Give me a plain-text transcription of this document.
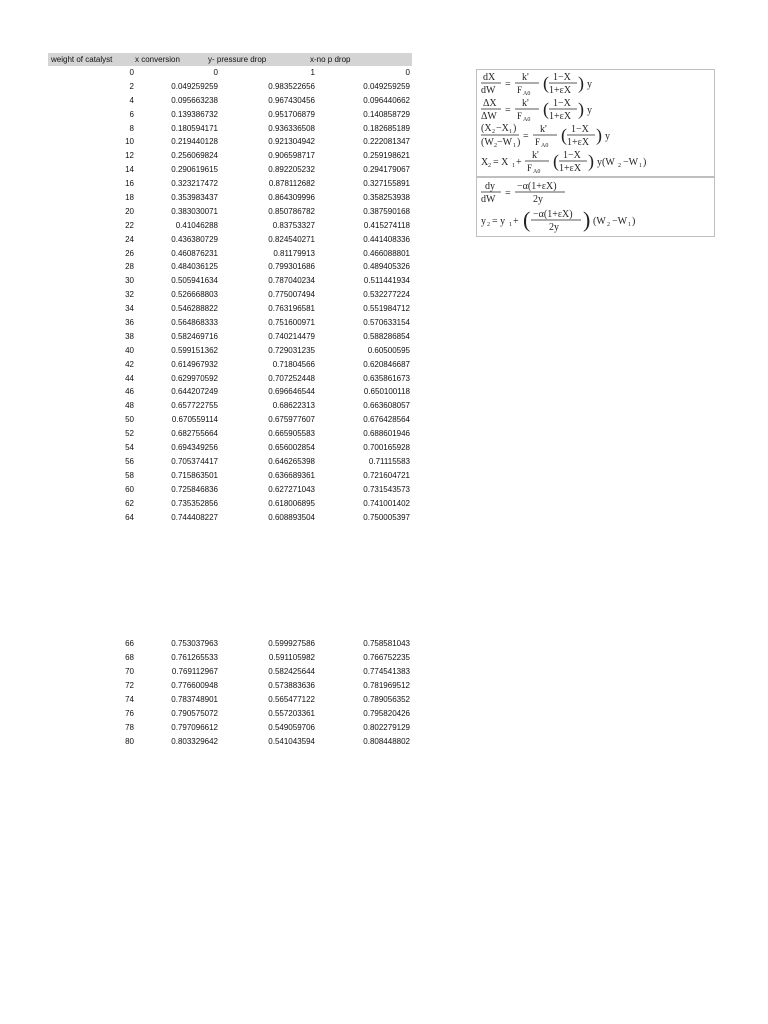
weight of catalyst	x conversion	y- pressure drop	x-no p drop
0	0	1	0
2	0.049259259	0.983522656	0.049259259
4	0.095663238	0.967430456	0.096440662
6	0.139386732	0.951706879	0.140858729
8	0.180594171	0.936336508	0.182685189
10	0.219440128	0.921304942	0.222081347
12	0.256069824	0.906598717	0.259198621
14	0.290619615	0.892205232	0.294179067
16	0.323217472	0.878112682	0.327155891
18	0.353983437	0.864309996	0.358253938
20	0.383030071	0.850786782	0.387590168
22	0.41046288	0.83753327	0.415274118
24	0.436380729	0.824540271	0.441408336
26	0.460876231	0.81179913	0.466088801
28	0.484036125	0.799301686	0.489405326
30	0.505941634	0.787040234	0.511441934
32	0.526668803	0.775007494	0.532277224
34	0.546288822	0.763196581	0.551984712
36	0.564868333	0.751600971	0.570633154
38	0.582469716	0.740214479	0.588286854
40	0.599151362	0.729031235	0.60500595
42	0.614967932	0.71804566	0.620846687
44	0.629970592	0.707252448	0.635861673
46	0.644207249	0.696646544	0.650100118
48	0.657722755	0.68622313	0.663608057
50	0.670559114	0.675977607	0.676428564
52	0.682755664	0.665905583	0.688601946
54	0.694349256	0.656002854	0.700165928
56	0.705374417	0.646265398	0.71115583
58	0.715863501	0.636689361	0.721604721
60	0.725846836	0.627271043	0.731543573
62	0.735352856	0.618006895	0.741001402
64	0.744408227	0.608893504	0.750005397
66	0.753037963	0.599927586	0.758581043
68	0.761265533	0.591105982	0.766752235
70	0.769112967	0.582425644	0.774541383
72	0.776600948	0.573883636	0.781969512
74	0.783748901	0.565477122	0.789056352
76	0.790575072	0.557203361	0.795820426
78	0.797096612	0.549059706	0.802279129
80	0.803329642	0.541043594	0.808448802
dX
dW
=
k'
F A0
( 1−X
1+εX ) y
ΔX
ΔW
=
k'
F A0
( 1−X
1+εX ) y
(X 2 −X 1 )
(W 2 −W 1 )
=
k'
F A0
( 1−X
1+εX ) y
X 2 = X 1 +
k'
F A0
( 1−X
1+εX ) y(W 2 −W 1 )
dy
dW
=
−α(1+εX)
2y
y 2 = y 1 + ( −α(1+εX)
2y ) (W 2 −W 1 )
